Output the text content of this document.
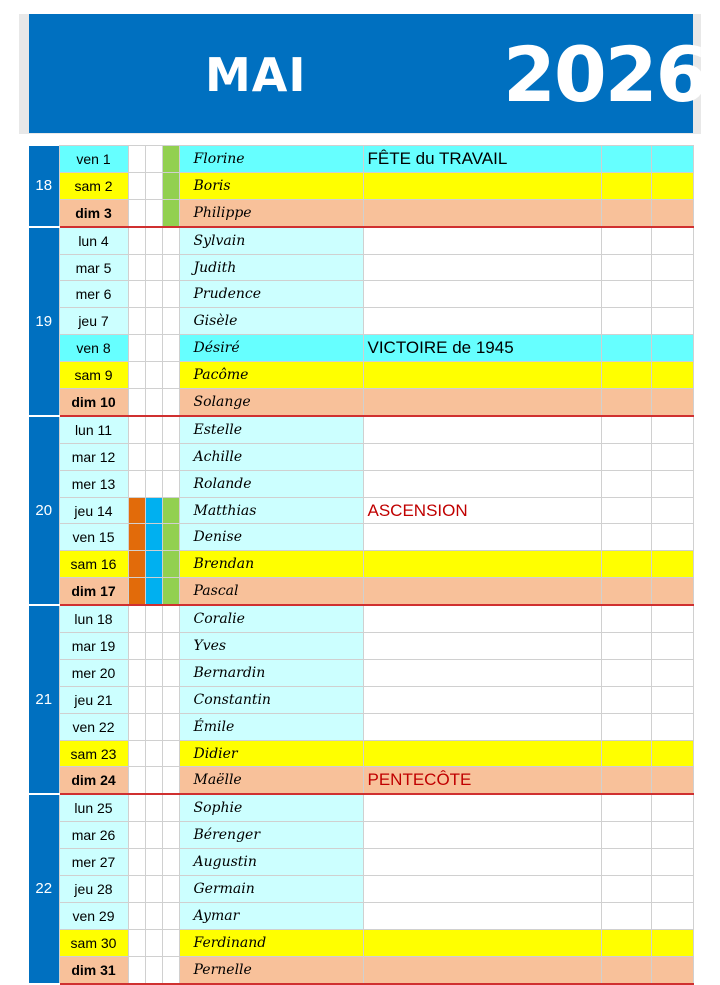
MAI	2026
18	ven 1				Florine	FÊTE du TRAVAIL		
	sam 2				Boris			
	dim 3				Philippe			
19	lun 4				Sylvain			
	mar 5				Judith			
	mer 6				Prudence			
	jeu 7				Gisèle			
	ven 8				Désiré	VICTOIRE de 1945		
	sam 9				Pacôme			
	dim 10				Solange			
20	lun 11				Estelle			
	mar 12				Achille			
	mer 13				Rolande			
	jeu 14				Matthias	ASCENSION		
	ven 15				Denise			
	sam 16				Brendan			
	dim 17				Pascal			
21	lun 18				Coralie			
	mar 19				Yves			
	mer 20				Bernardin			
	jeu 21				Constantin			
	ven 22				Émile			
	sam 23				Didier			
	dim 24				Maëlle	PENTECÔTE		
22	lun 25				Sophie			
	mar 26				Bérenger			
	mer 27				Augustin			
	jeu 28				Germain			
	ven 29				Aymar			
	sam 30				Ferdinand			
	dim 31				Pernelle			
